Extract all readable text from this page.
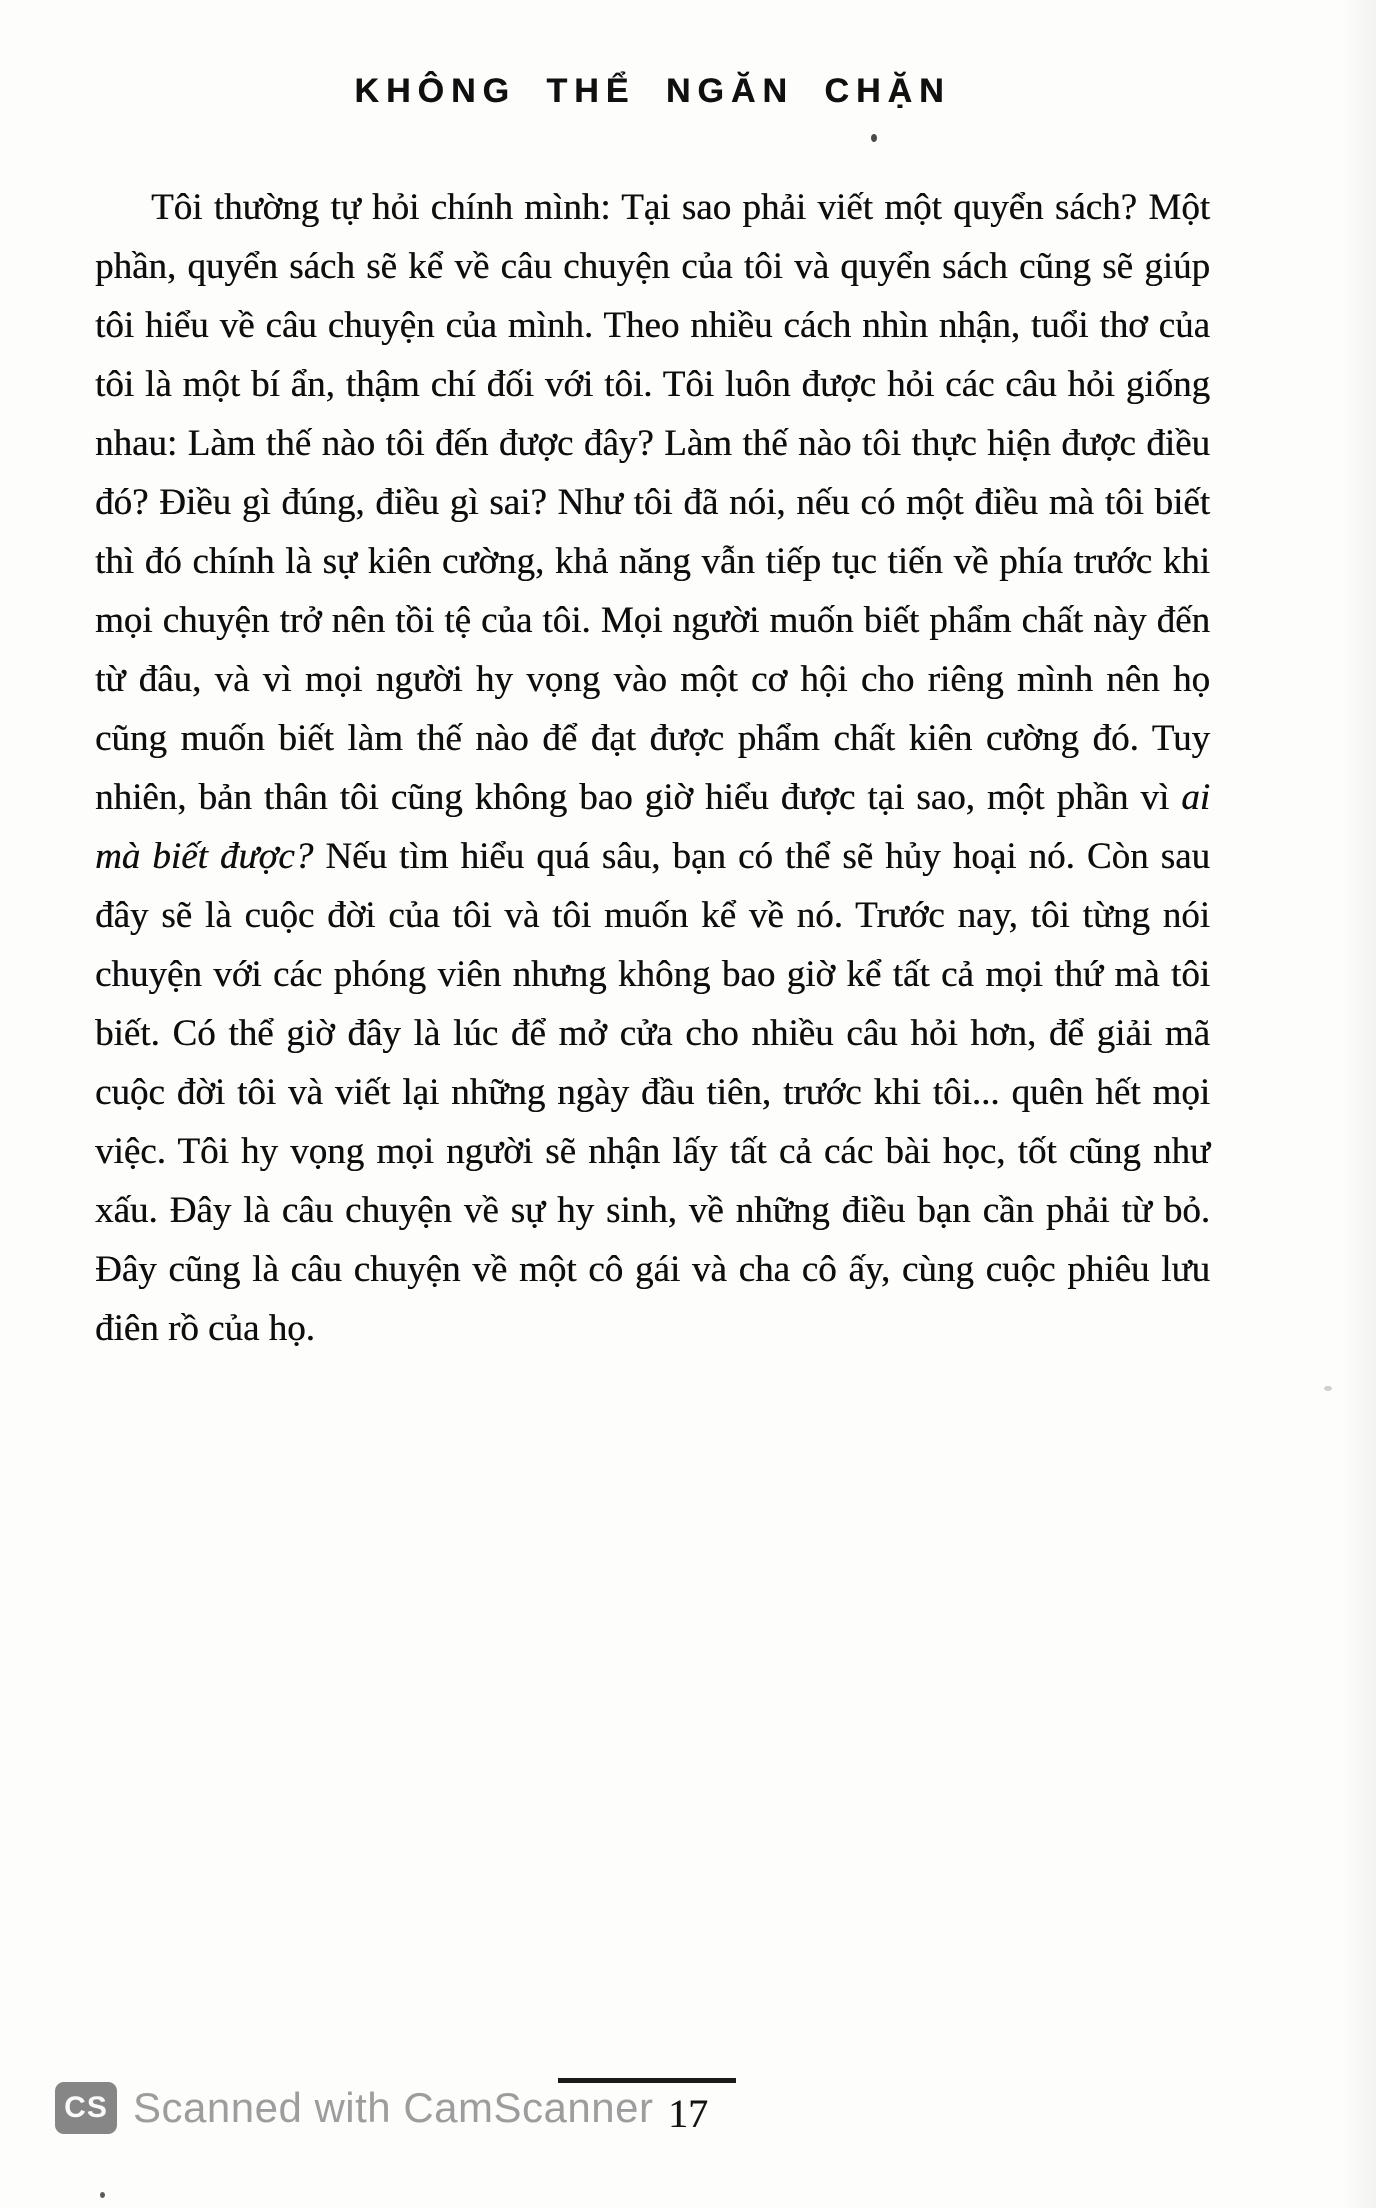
KHÔNG THỂ NGĂN CHẶN
Tôi thường tự hỏi chính mình: Tại sao phải viết một quyển sách? Một phần, quyển sách sẽ kể về câu chuyện của tôi và quyển sách cũng sẽ giúp tôi hiểu về câu chuyện của mình. Theo nhiều cách nhìn nhận, tuổi thơ của tôi là một bí ẩn, thậm chí đối với tôi. Tôi luôn được hỏi các câu hỏi giống nhau: Làm thế nào tôi đến được đây? Làm thế nào tôi thực hiện được điều đó? Điều gì đúng, điều gì sai? Như tôi đã nói, nếu có một điều mà tôi biết thì đó chính là sự kiên cường, khả năng vẫn tiếp tục tiến về phía trước khi mọi chuyện trở nên tồi tệ của tôi. Mọi người muốn biết phẩm chất này đến từ đâu, và vì mọi người hy vọng vào một cơ hội cho riêng mình nên họ cũng muốn biết làm thế nào để đạt được phẩm chất kiên cường đó. Tuy nhiên, bản thân tôi cũng không bao giờ hiểu được tại sao, một phần vì ai mà biết được? Nếu tìm hiểu quá sâu, bạn có thể sẽ hủy hoại nó. Còn sau đây sẽ là cuộc đời của tôi và tôi muốn kể về nó. Trước nay, tôi từng nói chuyện với các phóng viên nhưng không bao giờ kể tất cả mọi thứ mà tôi biết. Có thể giờ đây là lúc để mở cửa cho nhiều câu hỏi hơn, để giải mã cuộc đời tôi và viết lại những ngày đầu tiên, trước khi tôi... quên hết mọi việc. Tôi hy vọng mọi người sẽ nhận lấy tất cả các bài học, tốt cũng như xấu. Đây là câu chuyện về sự hy sinh, về những điều bạn cần phải từ bỏ. Đây cũng là câu chuyện về một cô gái và cha cô ấy, cùng cuộc phiêu lưu điên rồ của họ.
17
CS Scanned with CamScanner
